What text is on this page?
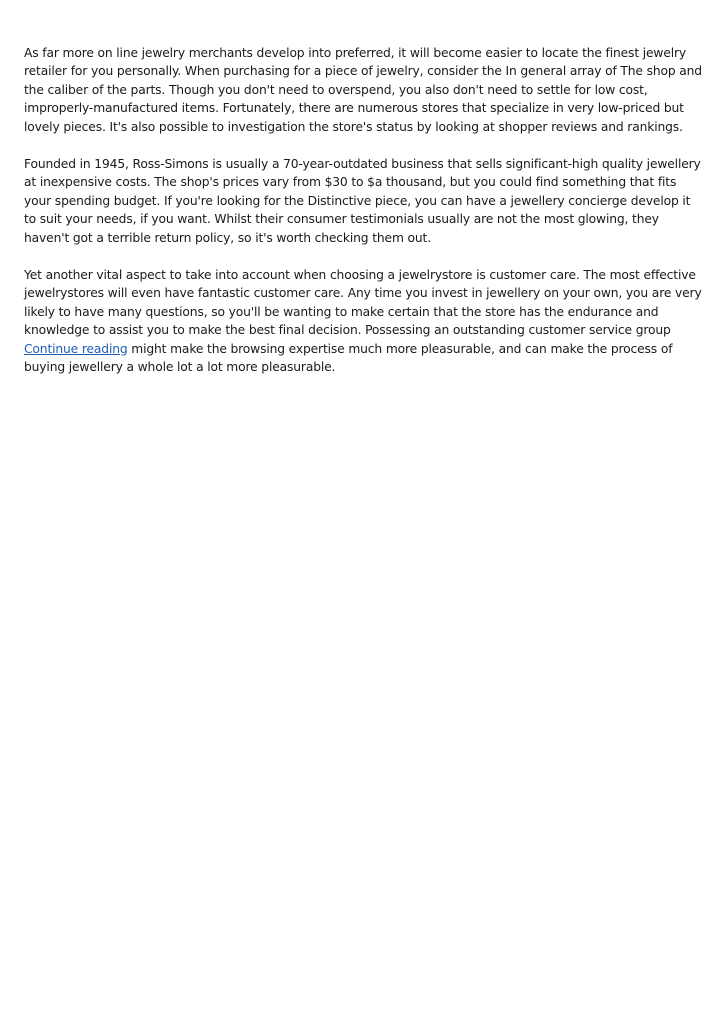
As far more on line jewelry merchants develop into preferred, it will become easier to locate the finest jewelry retailer for you personally. When purchasing for a piece of jewelry, consider the In general array of The shop and the caliber of the parts. Though you don't need to overspend, you also don't need to settle for low cost, improperly-manufactured items. Fortunately, there are numerous stores that specialize in very low-priced but lovely pieces. It's also possible to investigation the store's status by looking at shopper reviews and rankings.

Founded in 1945, Ross-Simons is usually a 70-year-outdated business that sells significant-high quality jewellery at inexpensive costs. The shop's prices vary from $30 to $a thousand, but you could find something that fits your spending budget. If you're looking for the Distinctive piece, you can have a jewellery concierge develop it to suit your needs, if you want. Whilst their consumer testimonials usually are not the most glowing, they haven't got a terrible return policy, so it's worth checking them out.

Yet another vital aspect to take into account when choosing a jewelrystore is customer care. The most effective jewelrystores will even have fantastic customer care. Any time you invest in jewellery on your own, you are very likely to have many questions, so you'll be wanting to make certain that the store has the endurance and knowledge to assist you to make the best final decision. Possessing an outstanding customer service group Continue reading might make the browsing expertise much more pleasurable, and can make the process of buying jewellery a whole lot a lot more pleasurable.
